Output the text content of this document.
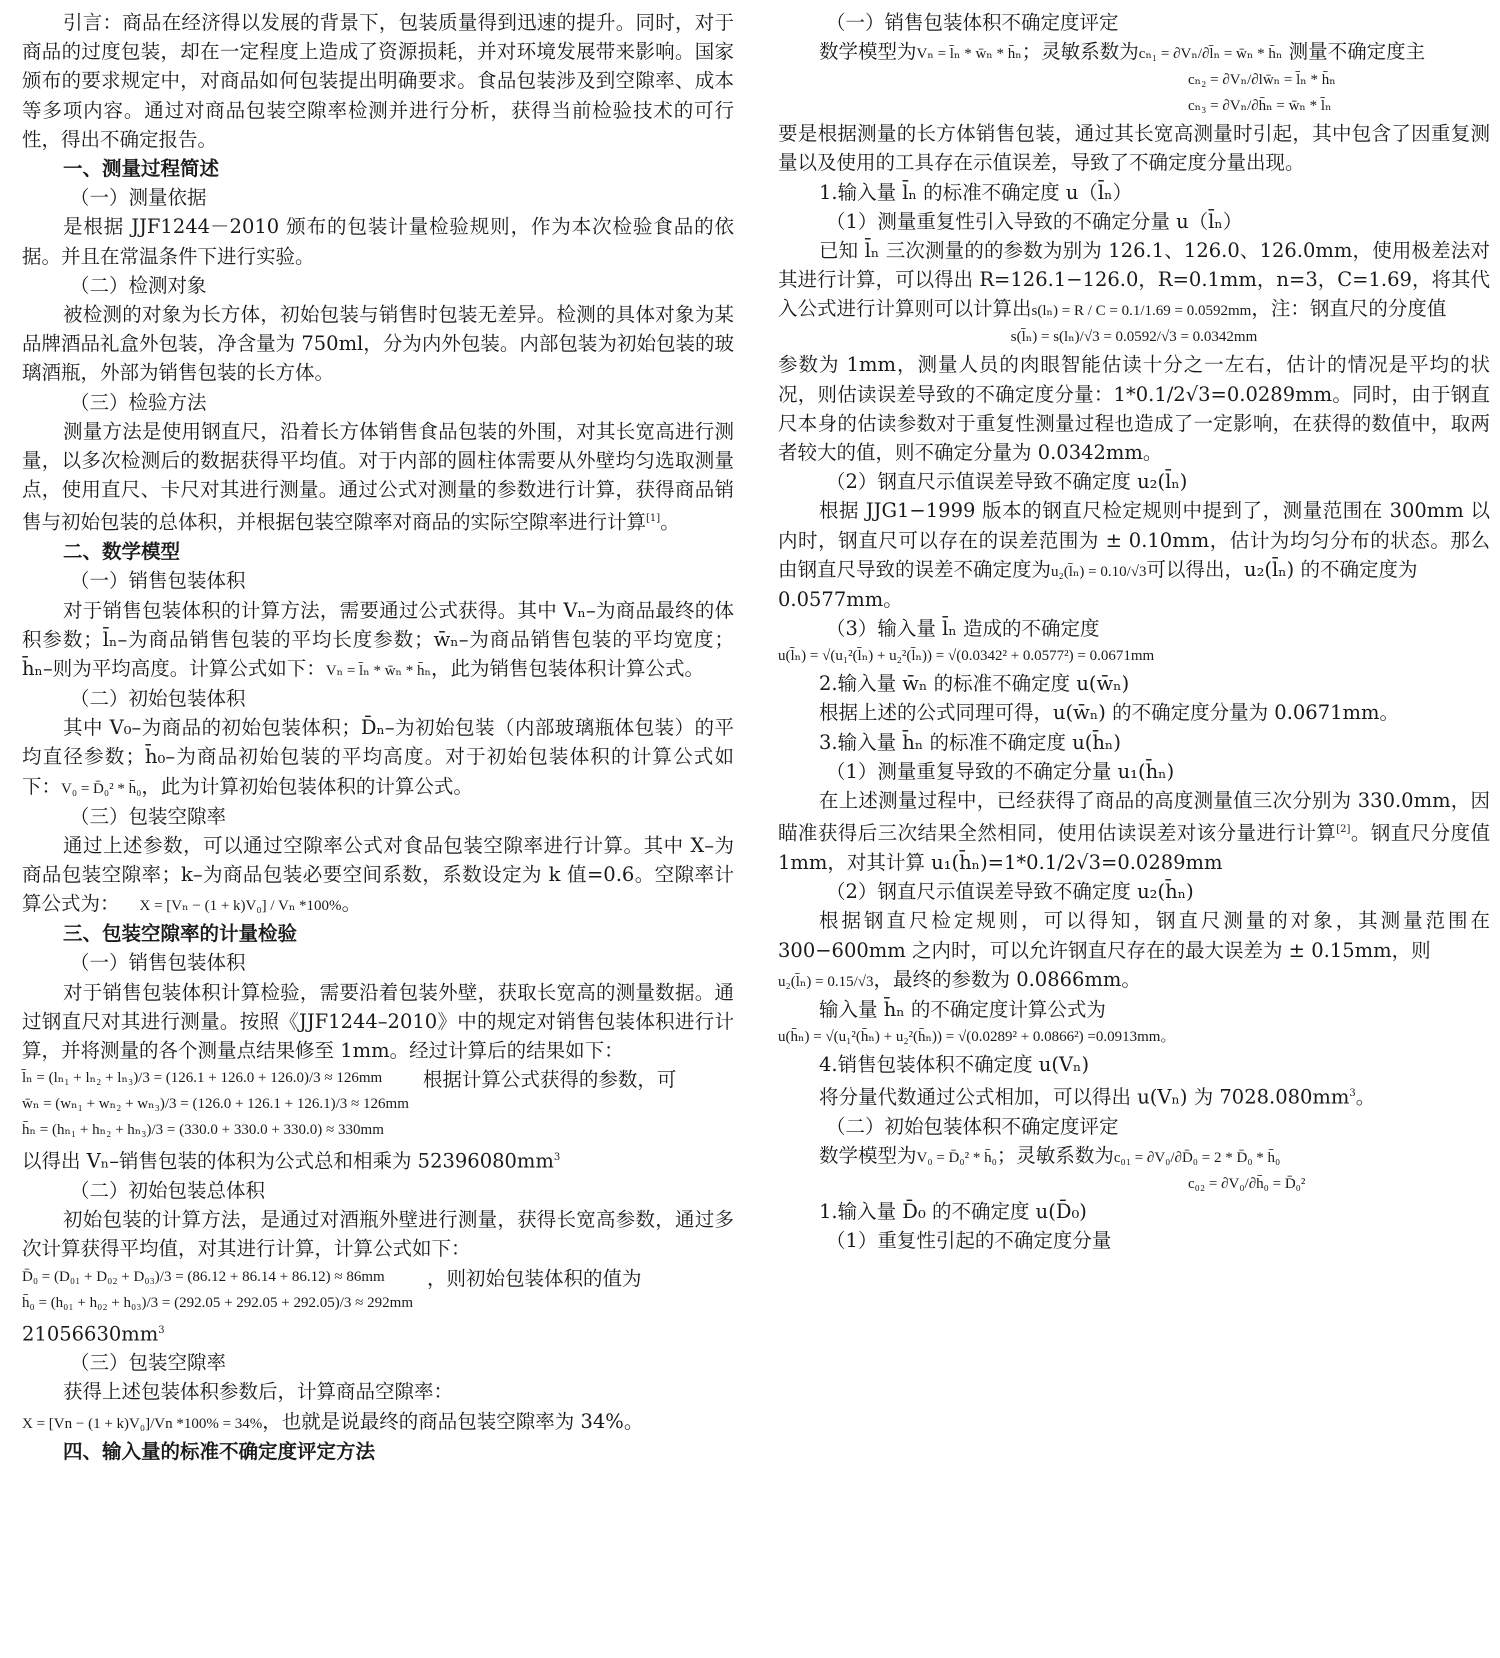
引言：商品在经济得以发展的背景下，包装质量得到迅速的提升。同时，对于商品的过度包装，却在一定程度上造成了资源损耗，并对环境发展带来影响。国家颁布的要求规定中，对商品如何包装提出明确要求。食品包装涉及到空隙率、成本等多项内容。通过对商品包装空隙率检测并进行分析，获得当前检验技术的可行性，得出不确定报告。

一、测量过程简述

（一）测量依据

是根据 JJF1244－2010 颁布的包装计量检验规则，作为本次检验食品的依据。并且在常温条件下进行实验。

（二）检测对象

被检测的对象为长方体，初始包装与销售时包装无差异。检测的具体对象为某品牌酒品礼盒外包装，净含量为 750ml，分为内外包装。内部包装为初始包装的玻璃酒瓶，外部为销售包装的长方体。

（三）检验方法

测量方法是使用钢直尺，沿着长方体销售食品包装的外围，对其长宽高进行测量，以多次检测后的数据获得平均值。对于内部的圆柱体需要从外壁均匀选取测量点，使用直尺、卡尺对其进行测量。通过公式对测量的参数进行计算，获得商品销售与初始包装的总体积，并根据包装空隙率对商品的实际空隙率进行计算[1]。

二、数学模型

（一）销售包装体积

对于销售包装体积的计算方法，需要通过公式获得。其中 Vₙ–为商品最终的体积参数；l̄ₙ–为商品销售包装的平均长度参数；w̄ₙ–为商品销售包装的平均宽度；h̄ₙ–则为平均高度。计算公式如下：Vₙ = l̄ₙ * w̄ₙ * h̄ₙ，此为销售包装体积计算公式。

（二）初始包装体积

其中 V₀–为商品的初始包装体积；D̄ₙ–为初始包装（内部玻璃瓶体包装）的平均直径参数；h̄₀–为商品初始包装的平均高度。对于初始包装体积的计算公式如下：V₀ = D̄₀² * h̄₀，此为计算初始包装体积的计算公式。

（三）包装空隙率

通过上述参数，可以通过空隙率公式对食品包装空隙率进行计算。其中 X–为商品包装空隙率；k–为商品包装必要空间系数，系数设定为 k 值=0.6。空隙率计算公式为： X = [Vₙ − (1 + k)V₀] / Vₙ *100%。

三、包装空隙率的计量检验

（一）销售包装体积

对于销售包装体积计算检验，需要沿着包装外壁，获取长宽高的测量数据。通过钢直尺对其进行测量。按照《JJF1244–2010》中的规定对销售包装体积进行计算，并将测量的各个测量点结果修至 1mm。经过计算后的结果如下：

l̄ₙ = (lₙ₁ + lₙ₂ + lₙ₃)/3 = (126.1 + 126.0 + 126.0)/3 ≈ 126mm

w̄ₙ = (wₙ₁ + wₙ₂ + wₙ₃)/3 = (126.0 + 126.1 + 126.1)/3 ≈ 126mm

h̄ₙ = (hₙ₁ + hₙ₂ + hₙ₃)/3 = (330.0 + 330.0 + 330.0) ≈ 330mm

根据计算公式获得的参数，可

以得出 Vₙ–销售包装的体积为公式总和相乘为 $52396080mm^3$

（二）初始包装总体积

初始包装的计算方法，是通过对酒瓶外壁进行测量，获得长宽高参数，通过多次计算获得平均值，对其进行计算，计算公式如下：

D̄₀ = (D₀₁ + D₀₂ + D₀₃)/3 = (86.12 + 86.14 + 86.12) ≈ 86mm

h̄₀ = (h₀₁ + h₀₂ + h₀₃)/3 = (292.05 + 292.05 + 292.05)/3 ≈ 292mm

，则初始包装体积的值为

$21056630mm^3$

（三）包装空隙率

获得上述包装体积参数后，计算商品空隙率：

X = [Vn − (1 + k)V₀]/Vn *100% = 34%，也就是说最终的商品包装空隙率为 34%。

四、输入量的标准不确定度评定方法

（一）销售包装体积不确定度评定

数学模型为Vₙ = l̄ₙ * w̄ₙ * h̄ₙ；灵敏系数为cₙ₁ = ∂Vₙ/∂l̄ₙ = w̄ₙ * h̄ₙ 测量不确定度主

cₙ₂ = ∂Vₙ/∂lw̄ₙ = l̄ₙ * h̄ₙ

cₙ₃ = ∂Vₙ/∂h̄ₙ = w̄ₙ * l̄ₙ

要是根据测量的长方体销售包装，通过其长宽高测量时引起，其中包含了因重复测量以及使用的工具存在示值误差，导致了不确定度分量出现。

1.输入量 l̄ₙ 的标准不确定度 u（l̄ₙ）

（1）测量重复性引入导致的不确定分量 u（l̄ₙ）

已知 l̄ₙ 三次测量的的参数为别为 126.1、126.0、126.0mm，使用极差法对其进行计算，可以得出 R=126.1−126.0，R=0.1mm，n=3，C=1.69，将其代入公式进行计算则可以计算出s(lₙ) = R / C = 0.1/1.69 = 0.0592mm，注：钢直尺的分度值

s(l̄ₙ) = s(lₙ)/√3 = 0.0592/√3 = 0.0342mm

参数为 1mm，测量人员的肉眼智能估读十分之一左右，估计的情况是平均的状况，则估读误差导致的不确定度分量：1*0.1/2√3=0.0289mm。同时，由于钢直尺本身的估读参数对于重复性测量过程也造成了一定影响，在获得的数值中，取两者较大的值，则不确定分量为 0.0342mm。

（2）钢直尺示值误差导致不确定度 u₂(l̄ₙ)

根据 JJG1−1999 版本的钢直尺检定规则中提到了，测量范围在 300mm 以内时，钢直尺可以存在的误差范围为 ± 0.10mm，估计为均匀分布的状态。那么由钢直尺导致的误差不确定度为u₂(l̄ₙ) = 0.10/√3可以得出，u₂(l̄ₙ) 的不确定度为

0.0577mm。

（3）输入量 l̄ₙ 造成的不确定度

u(l̄ₙ) = √(u₁²(l̄ₙ) + u₂²(l̄ₙ)) = √(0.0342² + 0.0577²) = 0.0671mm

2.输入量 w̄ₙ 的标准不确定度 u(w̄ₙ)

根据上述的公式同理可得，u(w̄ₙ) 的不确定度分量为 0.0671mm。

3.输入量 h̄ₙ 的标准不确定度 u(h̄ₙ)

（1）测量重复导致的不确定分量 u₁(h̄ₙ)

在上述测量过程中，已经获得了商品的高度测量值三次分别为 330.0mm，因瞄准获得后三次结果全然相同，使用估读误差对该分量进行计算[2]。钢直尺分度值 1mm，对其计算 u₁(h̄ₙ)=1*0.1/2√3=0.0289mm

（2）钢直尺示值误差导致不确定度 u₂(h̄ₙ)

根据钢直尺检定规则，可以得知，钢直尺测量的对象，其测量范围在 300−600mm 之内时，可以允许钢直尺存在的最大误差为 ± 0.15mm，则

u₂(l̄ₙ) = 0.15/√3，最终的参数为 0.0866mm。

输入量 h̄ₙ 的不确定度计算公式为

u(h̄ₙ) = √(u₁²(h̄ₙ) + u₂²(h̄ₙ)) = √(0.0289² + 0.0866²) =0.0913mm。

4.销售包装体积不确定度 u(Vₙ)

将分量代数通过公式相加，可以得出 u(Vₙ) 为 $7028.080mm^3$。

（二）初始包装体积不确定度评定

数学模型为V₀ = D̄₀² * h̄₀；灵敏系数为c₀₁ = ∂V₀/∂D̄₀ = 2 * D̄₀ * h̄₀

c₀₂ = ∂V₀/∂h̄₀ = D̄₀²

1.输入量 D̄₀ 的不确定度 u(D̄₀)

（1）重复性引起的不确定度分量
